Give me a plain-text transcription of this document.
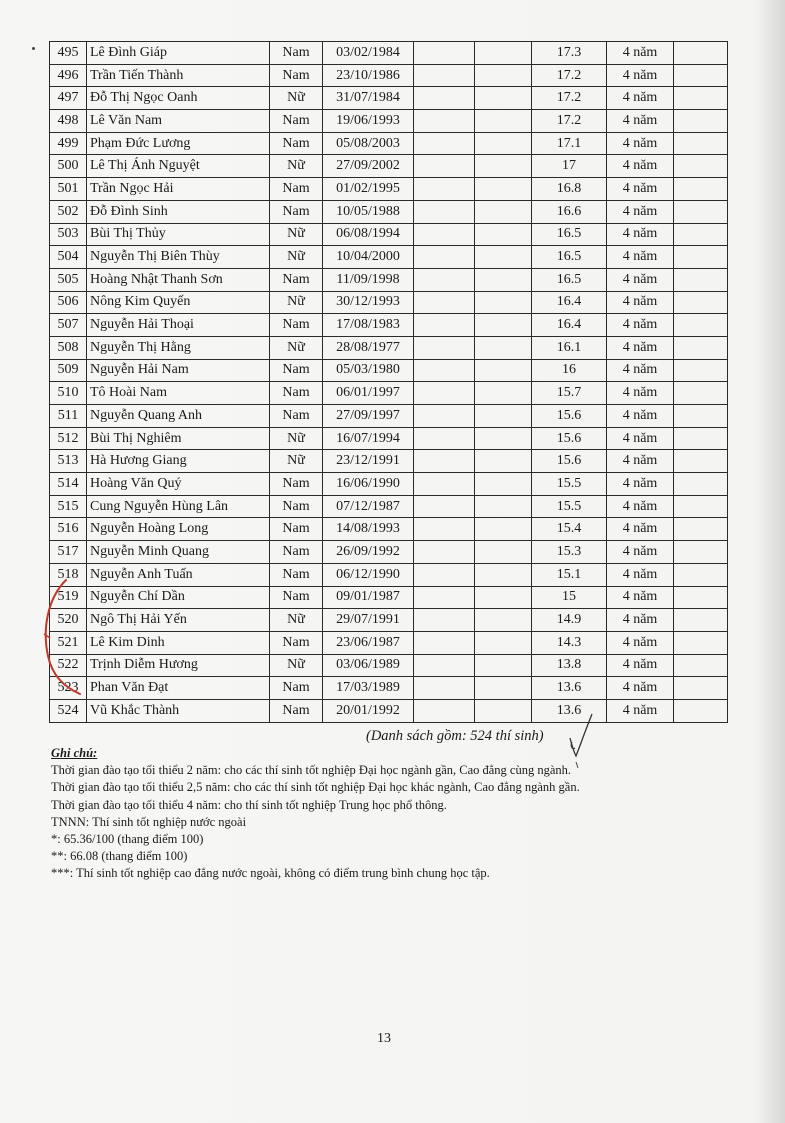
495	Lê Đình Giáp	Nam	03/02/1984			17.3	4 năm	
496	Trần Tiến Thành	Nam	23/10/1986			17.2	4 năm	
497	Đỗ Thị Ngọc Oanh	Nữ	31/07/1984			17.2	4 năm	
498	Lê Văn Nam	Nam	19/06/1993			17.2	4 năm	
499	Phạm Đức Lương	Nam	05/08/2003			17.1	4 năm	
500	Lê Thị Ánh Nguyệt	Nữ	27/09/2002			17	4 năm	
501	Trần Ngọc Hải	Nam	01/02/1995			16.8	4 năm	
502	Đỗ Đình Sinh	Nam	10/05/1988			16.6	4 năm	
503	Bùi Thị Thủy	Nữ	06/08/1994			16.5	4 năm	
504	Nguyễn Thị Biên Thùy	Nữ	10/04/2000			16.5	4 năm	
505	Hoàng Nhật Thanh Sơn	Nam	11/09/1998			16.5	4 năm	
506	Nông Kim Quyến	Nữ	30/12/1993			16.4	4 năm	
507	Nguyễn Hải Thoại	Nam	17/08/1983			16.4	4 năm	
508	Nguyễn Thị Hằng	Nữ	28/08/1977			16.1	4 năm	
509	Nguyễn Hải Nam	Nam	05/03/1980			16	4 năm	
510	Tô Hoài Nam	Nam	06/01/1997			15.7	4 năm	
511	Nguyễn Quang Anh	Nam	27/09/1997			15.6	4 năm	
512	Bùi Thị Nghiêm	Nữ	16/07/1994			15.6	4 năm	
513	Hà Hương Giang	Nữ	23/12/1991			15.6	4 năm	
514	Hoàng Văn Quý	Nam	16/06/1990			15.5	4 năm	
515	Cung Nguyễn Hùng Lân	Nam	07/12/1987			15.5	4 năm	
516	Nguyễn Hoàng Long	Nam	14/08/1993			15.4	4 năm	
517	Nguyễn Minh Quang	Nam	26/09/1992			15.3	4 năm	
518	Nguyễn Anh Tuấn	Nam	06/12/1990			15.1	4 năm	
519	Nguyễn Chí Dần	Nam	09/01/1987			15	4 năm	
520	Ngô Thị Hải Yến	Nữ	29/07/1991			14.9	4 năm	
521	Lê Kim Dinh	Nam	23/06/1987			14.3	4 năm	
522	Trịnh Diễm Hương	Nữ	03/06/1989			13.8	4 năm	
523	Phan Văn Đạt	Nam	17/03/1989			13.6	4 năm	
524	Vũ Khắc Thành	Nam	20/01/1992			13.6	4 năm	
(Danh sách gồm: 524 thí sinh)
Ghi chú:
Thời gian đào tạo tối thiểu 2 năm: cho các thí sinh tốt nghiệp Đại học ngành gần, Cao đẳng cùng ngành.
Thời gian đào tạo tối thiểu 2,5 năm: cho các thí sinh tốt nghiệp Đại học khác ngành, Cao đẳng ngành gần.
Thời gian đào tạo tối thiểu 4 năm: cho thí sinh tốt nghiệp Trung học phổ thông.
TNNN: Thí sinh tốt nghiệp nước ngoài
*: 65.36/100 (thang điểm 100)
**: 66.08 (thang điểm 100)
***: Thí sinh tốt nghiệp cao đẳng nước ngoài, không có điểm trung bình chung học tập.
13
